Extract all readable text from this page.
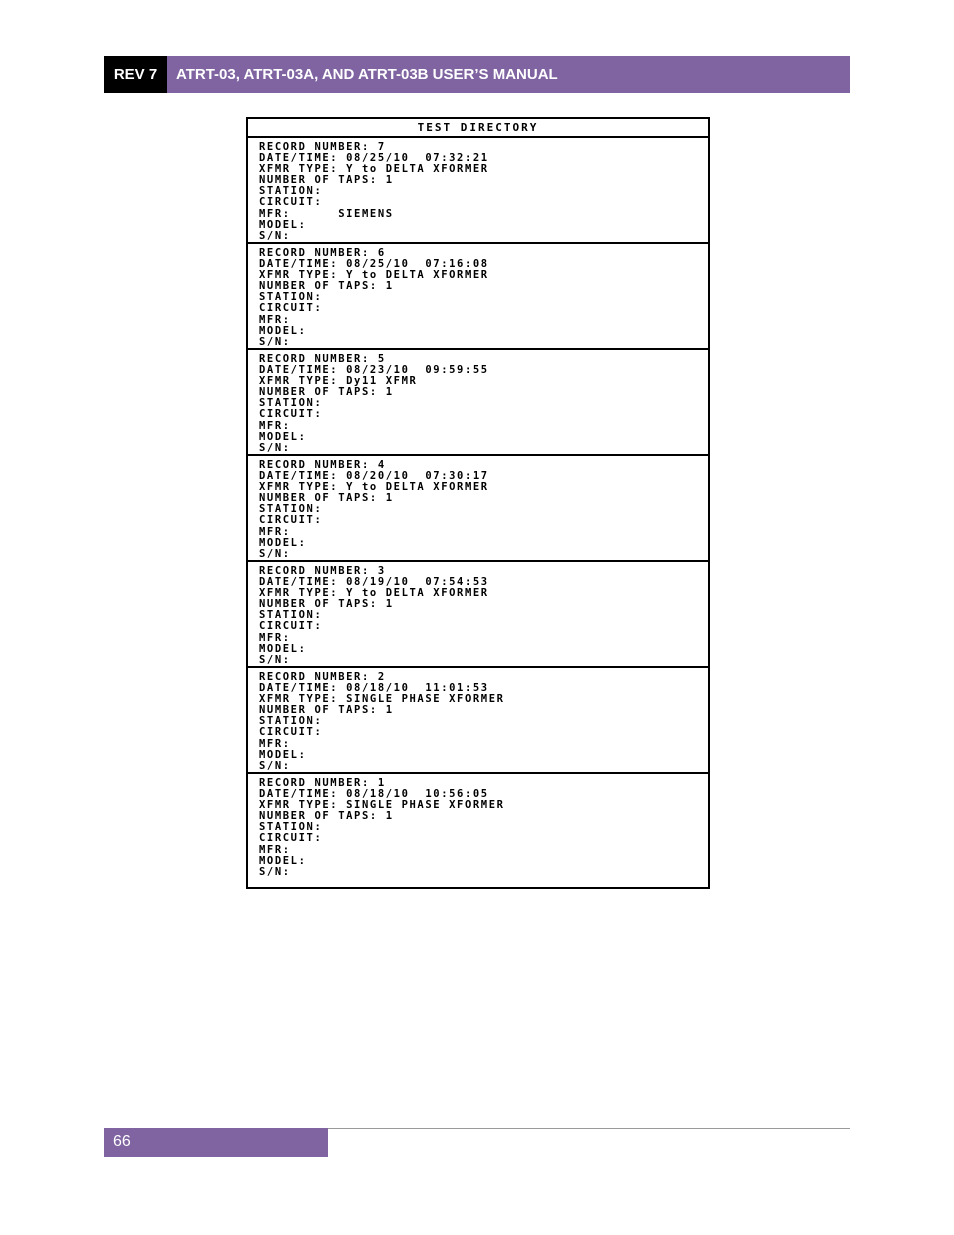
REV 7	ATRT-03, ATRT-03A, AND ATRT-03B USER’S MANUAL
TEST DIRECTORY
RECORD NUMBER: 7
DATE/TIME: 08/25/10  07:32:21
XFMR TYPE: Y to DELTA XFORMER
NUMBER OF TAPS: 1
STATION:
CIRCUIT:
MFR:      SIEMENS
MODEL:
S/N:
RECORD NUMBER: 6
DATE/TIME: 08/25/10  07:16:08
XFMR TYPE: Y to DELTA XFORMER
NUMBER OF TAPS: 1
STATION:
CIRCUIT:
MFR:
MODEL:
S/N:
RECORD NUMBER: 5
DATE/TIME: 08/23/10  09:59:55
XFMR TYPE: Dy11 XFMR
NUMBER OF TAPS: 1
STATION:
CIRCUIT:
MFR:
MODEL:
S/N:
RECORD NUMBER: 4
DATE/TIME: 08/20/10  07:30:17
XFMR TYPE: Y to DELTA XFORMER
NUMBER OF TAPS: 1
STATION:
CIRCUIT:
MFR:
MODEL:
S/N:
RECORD NUMBER: 3
DATE/TIME: 08/19/10  07:54:53
XFMR TYPE: Y to DELTA XFORMER
NUMBER OF TAPS: 1
STATION:
CIRCUIT:
MFR:
MODEL:
S/N:
RECORD NUMBER: 2
DATE/TIME: 08/18/10  11:01:53
XFMR TYPE: SINGLE PHASE XFORMER
NUMBER OF TAPS: 1
STATION:
CIRCUIT:
MFR:
MODEL:
S/N:
RECORD NUMBER: 1
DATE/TIME: 08/18/10  10:56:05
XFMR TYPE: SINGLE PHASE XFORMER
NUMBER OF TAPS: 1
STATION:
CIRCUIT:
MFR:
MODEL:
S/N:
66
